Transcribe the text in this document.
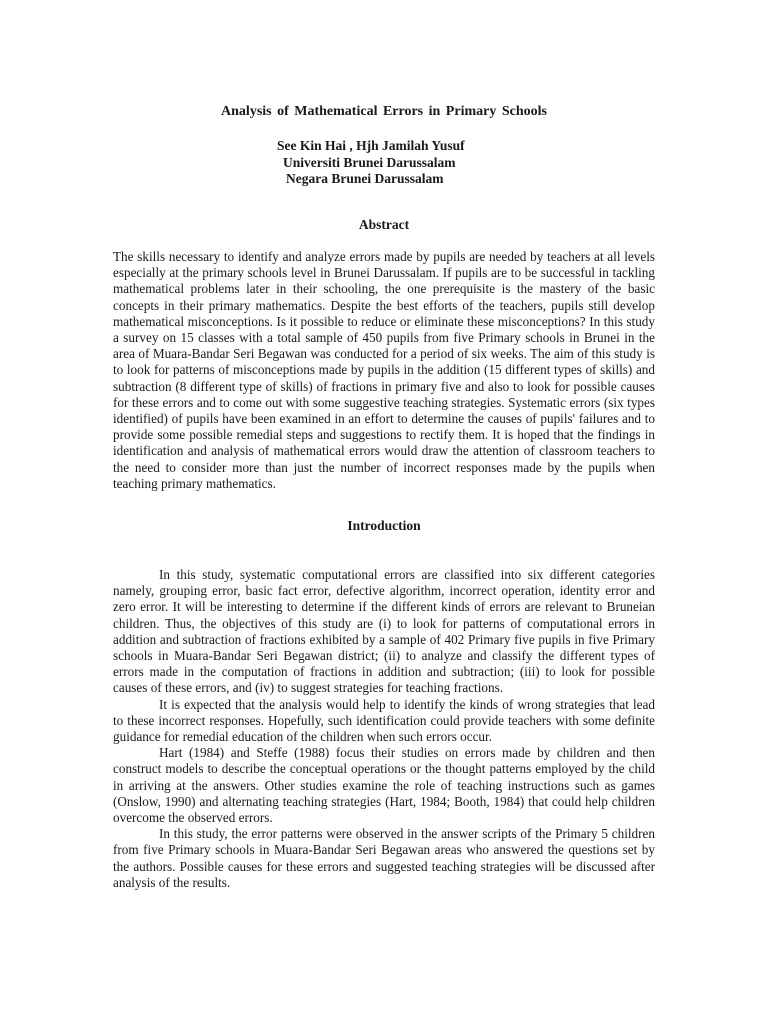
Analysis of Mathematical Errors in Primary Schools
See Kin Hai , Hjh Jamilah Yusuf
Universiti Brunei Darussalam
Negara Brunei Darussalam
Abstract

The skills necessary to identify and analyze errors made by pupils are needed by teachers at all levels especially at the primary schools level in Brunei Darussalam. If pupils are to be successful in tackling mathematical problems later in their schooling, the one prerequisite is the mastery of the basic concepts in their primary mathematics. Despite the best efforts of the teachers, pupils still develop mathematical misconceptions. Is it possible to reduce or eliminate these misconceptions? In this study a survey on 15 classes with a total sample of 450 pupils from five Primary schools in Brunei in the area of Muara-Bandar Seri Begawan was conducted for a period of six weeks. The aim of this study is to look for patterns of misconceptions made by pupils in the addition (15 different types of skills) and subtraction (8 different type of skills) of fractions in primary five and also to look for possible causes for these errors and to come out with some suggestive teaching strategies. Systematic errors (six types identified) of pupils have been examined in an effort to determine the causes of pupils' failures and to provide some possible remedial steps and suggestions to rectify them. It is hoped that the findings in identification and analysis of mathematical errors would draw the attention of classroom teachers to the need to consider more than just the number of incorrect responses made by the pupils when teaching primary mathematics.

Introduction

In this study, systematic computational errors are classified into six different categories namely, grouping error, basic fact error, defective algorithm, incorrect operation, identity error and zero error. It will be interesting to determine if the different kinds of errors are relevant to Bruneian children. Thus, the objectives of this study are (i) to look for patterns of computational errors in addition and subtraction of fractions exhibited by a sample of 402 Primary five pupils in five Primary schools in Muara-Bandar Seri Begawan district; (ii) to analyze and classify the different types of errors made in the computation of fractions in addition and subtraction; (iii) to look for possible causes of these errors, and (iv) to suggest strategies for teaching fractions.

It is expected that the analysis would help to identify the kinds of wrong strategies that lead to these incorrect responses. Hopefully, such identification could provide teachers with some definite guidance for remedial education of the children when such errors occur.

Hart (1984) and Steffe (1988) focus their studies on errors made by children and then construct models to describe the conceptual operations or the thought patterns employed by the child in arriving at the answers. Other studies examine the role of teaching instructions such as games (Onslow, 1990) and alternating teaching strategies (Hart, 1984; Booth, 1984) that could help children overcome the observed errors.

In this study, the error patterns were observed in the answer scripts of the Primary 5 children from five Primary schools in Muara-Bandar Seri Begawan areas who answered the questions set by the authors. Possible causes for these errors and suggested teaching strategies will be discussed after analysis of the results.
